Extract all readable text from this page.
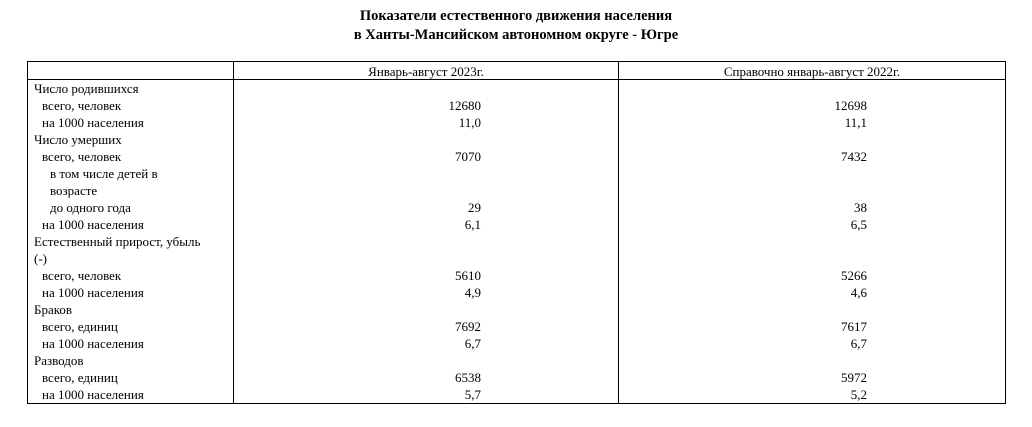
Показатели естественного движения населения
в Ханты-Мансийском автономном округе - Югре
	Январь-август 2023г.	Справочно январь-август 2022г.
Число родившихся		
всего, человек	12680	12698
на 1000 населения	11,0	11,1
Число умерших		
всего, человек	7070	7432
в том числе детей в		
возрасте		
до одного года	29	38
на 1000 населения	6,1	6,5
Естественный прирост, убыль		
(-)		
всего, человек	5610	5266
на 1000 населения	4,9	4,6
Браков		
всего, единиц	7692	7617
на 1000 населения	6,7	6,7
Разводов		
всего, единиц	6538	5972
на 1000 населения	5,7	5,2
